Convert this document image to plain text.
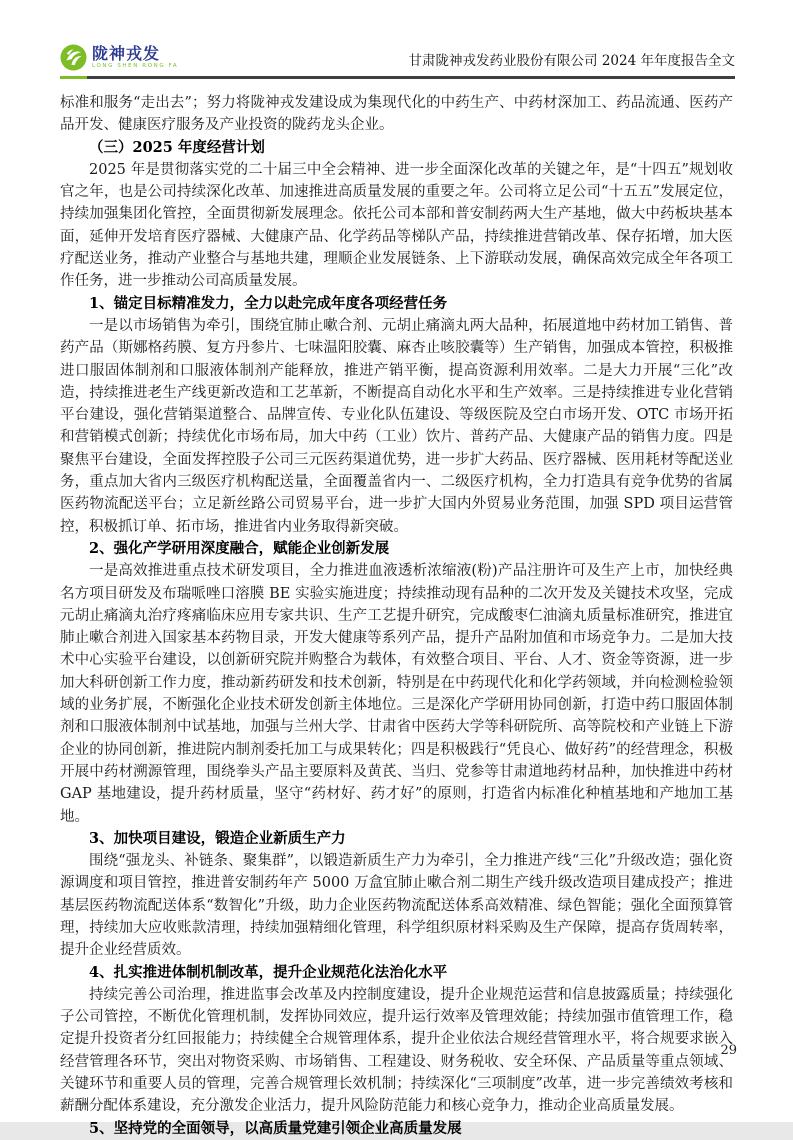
陇神戎发
LONG SHEN RONG FA	甘肃陇神戎发药业股份有限公司 2024 年年度报告全文

标准和服务“走出去”；努力将陇神戎发建设成为集现代化的中药生产、中药材深加工、药品流通、医药产品开发、健康医疗服务及产业投资的陇药龙头企业。

（三）2025 年度经营计划

2025 年是贯彻落实党的二十届三中全会精神、进一步全面深化改革的关键之年，是“十四五”规划收官之年，也是公司持续深化改革、加速推进高质量发展的重要之年。公司将立足公司“十五五”发展定位，持续加强集团化管控，全面贯彻新发展理念。依托公司本部和普安制药两大生产基地，做大中药板块基本面，延伸开发培育医疗器械、大健康产品、化学药品等梯队产品，持续推进营销改革、保存拓增，加大医疗配送业务，推动产业整合与基地共建，理顺企业发展链条、上下游联动发展，确保高效完成全年各项工作任务，进一步推动公司高质量发展。

1、锚定目标精准发力，全力以赴完成年度各项经营任务

一是以市场销售为牵引，围绕宜肺止嗽合剂、元胡止痛滴丸两大品种，拓展道地中药材加工销售、普药产品（斯娜格药膜、复方丹参片、七味温阳胶囊、麻杏止咳胶囊等）生产销售，加强成本管控，积极推进口服固体制剂和口服液体制剂产能释放，推进产销平衡，提高资源利用效率。二是大力开展“三化”改造，持续推进老生产线更新改造和工艺革新，不断提高自动化水平和生产效率。三是持续推进专业化营销平台建设，强化营销渠道整合、品牌宣传、专业化队伍建设、等级医院及空白市场开发、OTC 市场开拓和营销模式创新；持续优化市场布局，加大中药（工业）饮片、普药产品、大健康产品的销售力度。四是聚焦平台建设，全面发挥控股子公司三元医药渠道优势，进一步扩大药品、医疗器械、医用耗材等配送业务，重点加大省内三级医疗机构配送量，全面覆盖省内一、二级医疗机构，全力打造具有竞争优势的省属医药物流配送平台；立足新丝路公司贸易平台，进一步扩大国内外贸易业务范围，加强 SPD 项目运营管控，积极抓订单、拓市场，推进省内业务取得新突破。

2、强化产学研用深度融合，赋能企业创新发展

一是高效推进重点技术研发项目，全力推进血液透析浓缩液(粉)产品注册许可及生产上市，加快经典名方项目研发及布瑞哌唑口溶膜 BE 实验实施进度；持续推动现有品种的二次开发及关键技术攻坚，完成元胡止痛滴丸治疗疼痛临床应用专家共识、生产工艺提升研究，完成酸枣仁油滴丸质量标准研究，推进宜肺止嗽合剂进入国家基本药物目录，开发大健康等系列产品，提升产品附加值和市场竞争力。二是加大技术中心实验平台建设，以创新研究院并购整合为载体，有效整合项目、平台、人才、资金等资源，进一步加大科研创新工作力度，推动新药研发和技术创新，特别是在中药现代化和化学药领域，并向检测检验领域的业务扩展，不断强化企业技术研发创新主体地位。三是深化产学研用协同创新，打造中药口服固体制剂和口服液体制剂中试基地，加强与兰州大学、甘肃省中医药大学等科研院所、高等院校和产业链上下游企业的协同创新，推进院内制剂委托加工与成果转化；四是积极践行“凭良心、做好药”的经营理念，积极开展中药材溯源管理，围绕拳头产品主要原料及黄芪、当归、党参等甘肃道地药材品种，加快推进中药材 GAP 基地建设，提升药材质量，坚守“药材好、药才好”的原则，打造省内标准化种植基地和产地加工基地。

3、加快项目建设，锻造企业新质生产力

围绕“强龙头、补链条、聚集群”，以锻造新质生产力为牵引，全力推进产线“三化”升级改造；强化资源调度和项目管控，推进普安制药年产 5000 万盒宜肺止嗽合剂二期生产线升级改造项目建成投产；推进基层医药物流配送体系“数智化”升级，助力企业医药物流配送体系高效精准、绿色智能；强化全面预算管理，持续加大应收账款清理，持续加强精细化管理，科学组织原材料采购及生产保障，提高存货周转率，提升企业经营质效。

4、扎实推进体制机制改革，提升企业规范化法治化水平

持续完善公司治理，推进监事会改革及内控制度建设，提升企业规范运营和信息披露质量；持续强化子公司管控，不断优化管理机制，发挥协同效应，提升运行效率及管理效能；持续加强市值管理工作，稳定提升投资者分红回报能力；持续健全合规管理体系，提升企业依法合规经营管理水平，将合规要求嵌入经营管理各环节，突出对物资采购、市场销售、工程建设、财务税收、安全环保、产品质量等重点领域、关键环节和重要人员的管理，完善合规管理长效机制；持续深化“三项制度”改革，进一步完善绩效考核和薪酬分配体系建设，充分激发企业活力，提升风险防范能力和核心竞争力，推动企业高质量发展。

5、坚持党的全面领导，以高质量党建引领企业高质量发展

29
